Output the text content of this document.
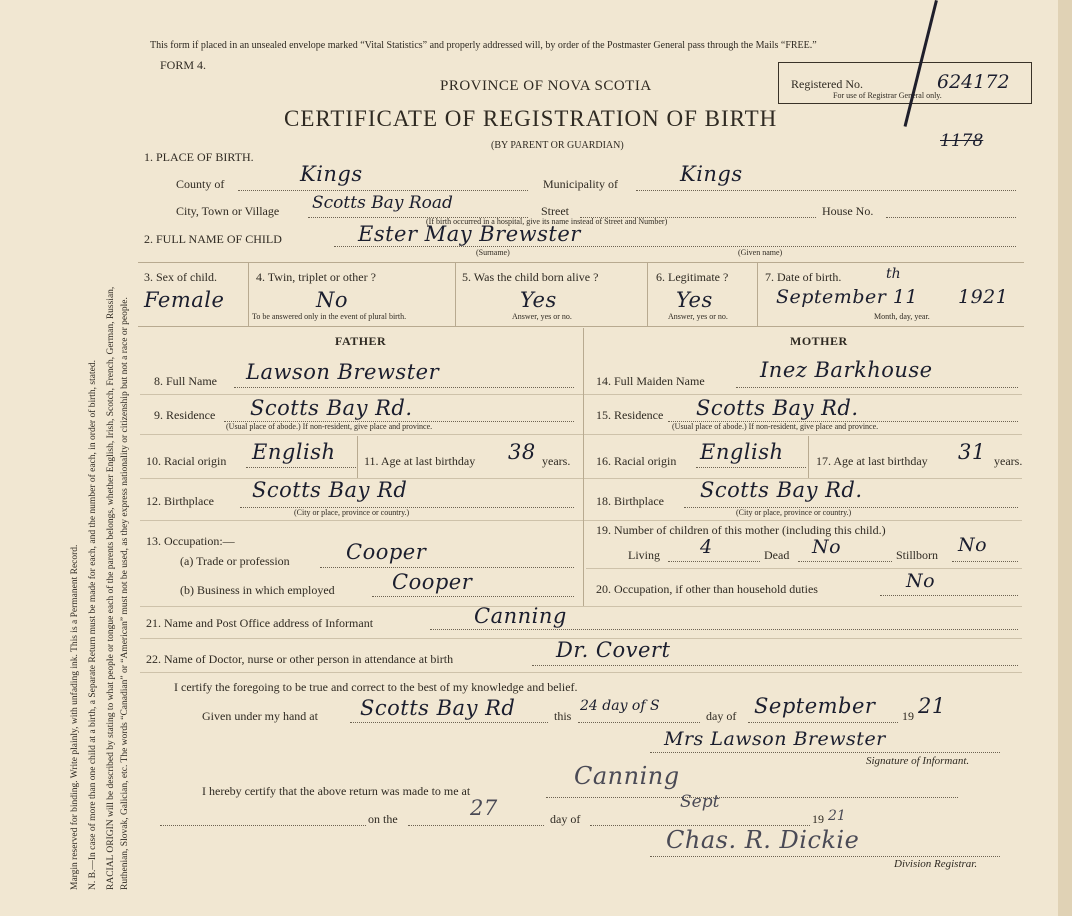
Margin reserved for binding. Write plainly, with unfading ink. This is a Permanent Record. N. B.—In case of more than one child at a birth, a Separate Return must be made for each, and the number of each, in order of birth, stated. RACIAL ORIGIN will be described by stating to what people or tongue each of the parents belongs, whether English, Irish, Scotch, French, German, Russian, Ruthenian, Slovak, Galician, etc. The words “Canadian” or “American” must not be used, as they express nationality or citizenship but not a race or people.
This form if placed in an unsealed envelope marked “Vital Statistics” and properly addressed will, by order of the Postmaster General pass through the Mails “FREE.”
FORM 4.
PROVINCE OF NOVA SCOTIA
CERTIFICATE OF REGISTRATION OF BIRTH
(BY PARENT OR GUARDIAN)
Registered No.	624172
For use of Registrar General only.
1178
1. PLACE OF BIRTH.
County of	Kings	Municipality of	Kings
City, Town or Village Scotts Bay Road	Street	House No.
(If birth occurred in a hospital, give its name instead of Street and Number)
2. FULL NAME OF CHILD	Ester May Brewster
(Surname)	(Given name)
3. Sex of child.
Female
4. Twin, triplet or other ?
No
To be answered only in the event of plural birth.
5. Was the child born alive ?
Yes
Answer, yes or no.
6. Legitimate ?
Yes
Answer, yes or no.
7. Date of birth.
September 11
th
1921
Month, day, year.
FATHER	MOTHER
8. Full Name Lawson Brewster
9. Residence Scotts Bay Rd.
(Usual place of abode.) If non-resident, give place and province.
10. Racial origin English 11. Age at last birthday 38 years.
12. Birthplace Scotts Bay Rd
(City or place, province or country.)
13. Occupation:—
(a) Trade or profession	Cooper
(b) Business in which employed	Cooper
14. Full Maiden Name	Inez Barkhouse
15. Residence Scotts Bay Rd.
(Usual place of abode.) If non-resident, give place and province.
16. Racial origin English	17. Age at last birthday 31 years.
18. Birthplace Scotts Bay Rd.
(City or place, province or country.)
19. Number of children of this mother (including this child.)
Living 4	Dead No	Stillborn No
20. Occupation, if other than household duties	No
21. Name and Post Office address of Informant	Canning
22. Name of Doctor, nurse or other person in attendance at birth	Dr. Covert
I certify the foregoing to be true and correct to the best of my knowledge and belief.
Given under my hand at Scotts Bay Rd	this
24 day of S
day of September 19 21
Mrs Lawson Brewster
Signature of Informant.
I hereby certify that the above return was made to me at
Canning
on the	27	day of
Sept
19 21
Chas. R. Dickie
Division Registrar.
